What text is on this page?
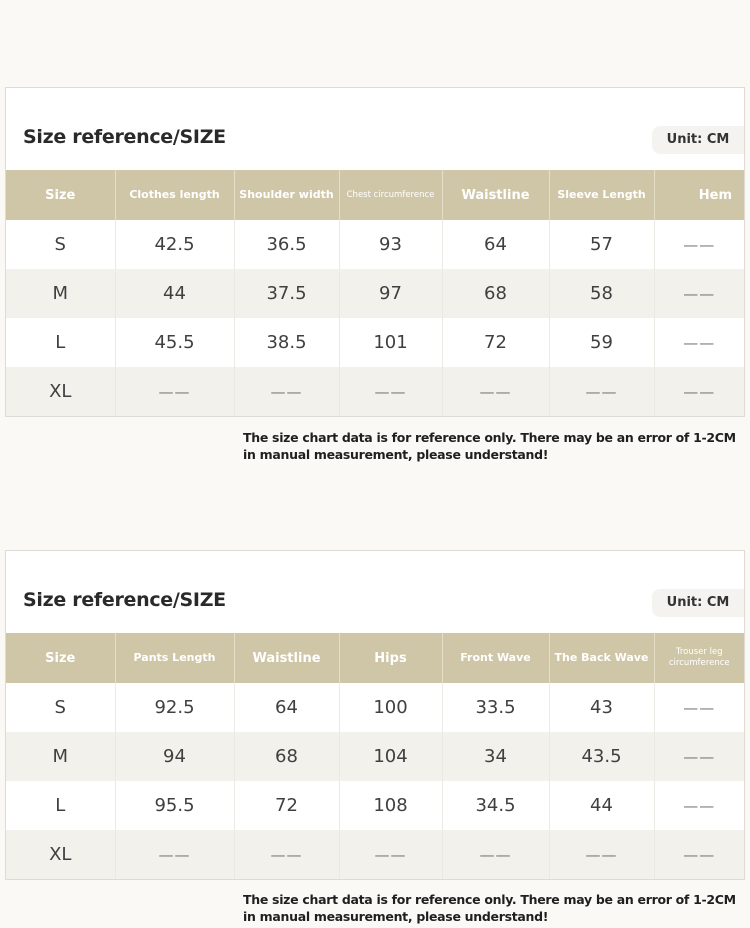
Size reference/SIZE	Unit: CM
Size	Clothes length	Shoulder width	Chest circumference	Waistline	Sleeve Length	Hem
S	42.5	36.5	93	64	57	——
M	44	37.5	97	68	58	——
L	45.5	38.5	101	72	59	——
XL	——	——	——	——	——	——
The size chart data is for reference only. There may be an error of 1-2CM in manual measurement, please understand!
Size reference/SIZE	Unit: CM
Size	Pants Length	Waistline	Hips	Front Wave	The Back Wave	Trouser leg circumference
S	92.5	64	100	33.5	43	——
M	94	68	104	34	43.5	——
L	95.5	72	108	34.5	44	——
XL	——	——	——	——	——	——
The size chart data is for reference only. There may be an error of 1-2CM in manual measurement, please understand!
